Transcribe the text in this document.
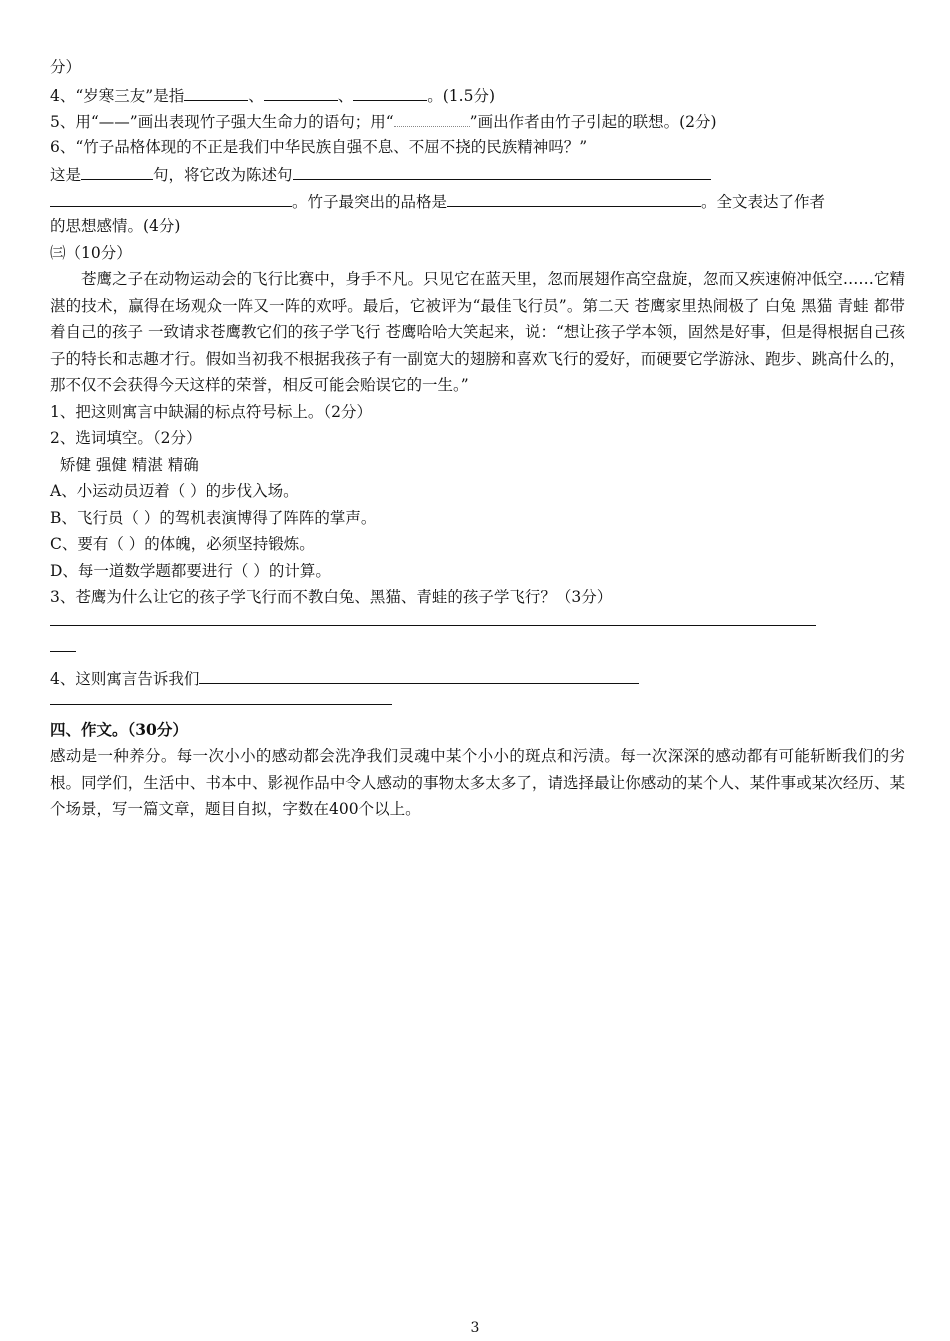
分）
4、“岁寒三友”是指	、	、	。(1.5分)
5、用“——”画出表现竹子强大生命力的语句；用“	”画出作者由竹子引起的联想。(2分)
6、“竹子品格体现的不正是我们中华民族自强不息、不屈不挠的民族精神吗？”
这是	句，将它改为陈述句
。竹子最突出的品格是	。全文表达了作者
的思想感情。(4分)
㈢（10分）
苍鹰之子在动物运动会的飞行比赛中，身手不凡。只见它在蓝天里，忽而展翅作高空盘旋，忽而又疾速俯冲低空……它精湛的技术，赢得在场观众一阵又一阵的欢呼。最后，它被评为“最佳飞行员”。第二天 苍鹰家里热闹极了 白兔 黑猫 青蛙 都带着自己的孩子 一致请求苍鹰教它们的孩子学飞行 苍鹰哈哈大笑起来，说：“想让孩子学本领，固然是好事，但是得根据自己孩子的特长和志趣才行。假如当初我不根据我孩子有一副宽大的翅膀和喜欢飞行的爱好，而硬要它学游泳、跑步、跳高什么的，那不仅不会获得今天这样的荣誉，相反可能会贻误它的一生。”
1、把这则寓言中缺漏的标点符号标上。（2分）
2、选词填空。（2分）
矫健 强健 精湛 精确
A、小运动员迈着（ ）的步伐入场。
B、飞行员（ ）的驾机表演博得了阵阵的掌声。
C、要有（ ）的体魄，必须坚持锻炼。
D、每一道数学题都要进行（ ）的计算。
3、苍鹰为什么让它的孩子学飞行而不教白兔、黑猫、青蛙的孩子学飞行？（3分）
4、这则寓言告诉我们
四、作文。（30分）
感动是一种养分。每一次小小的感动都会洗净我们灵魂中某个小小的斑点和污渍。每一次深深的感动都有可能斩断我们的劣根。同学们，生活中、书本中、影视作品中令人感动的事物太多太多了，请选择最让你感动的某个人、某件事或某次经历、某个场景，写一篇文章，题目自拟，字数在400个以上。
3
